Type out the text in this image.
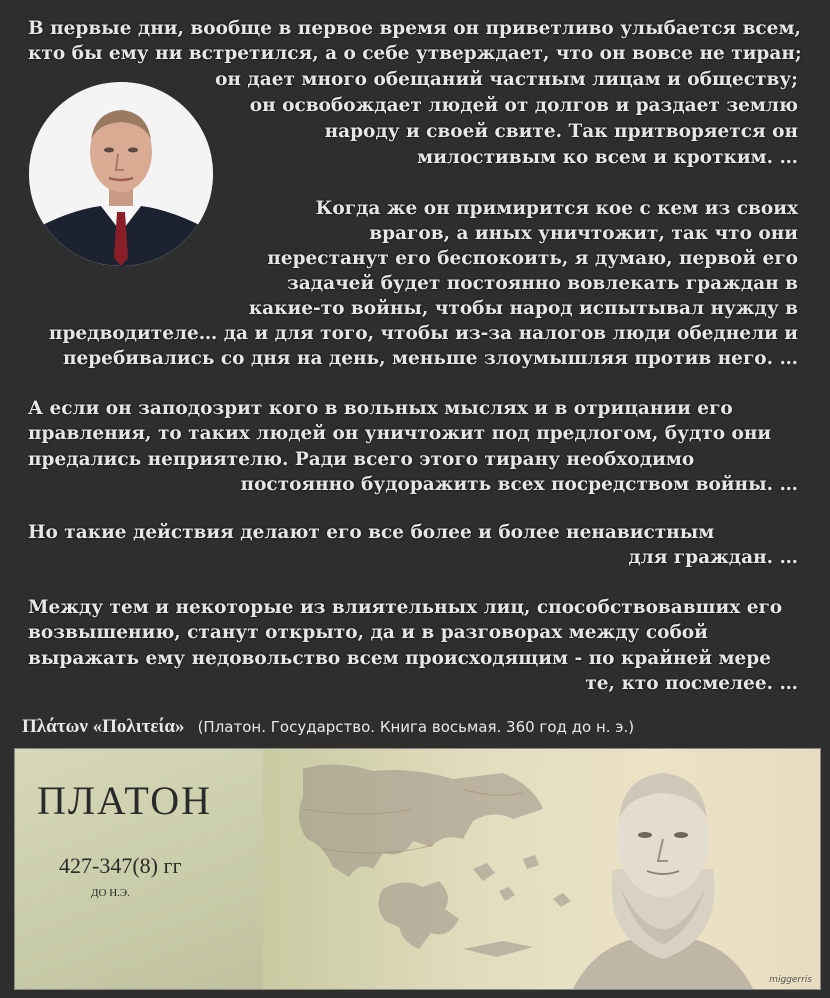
В первые дни, вообще в первое время он приветливо улыбается всем,
кто бы ему ни встретился, а о себе утверждает, что он вовсе не тиран;
он дает много обещаний частным лицам и обществу;
он освобождает людей от долгов и раздает землю
народу и своей свите. Так притворяется он
милостивым ко всем и кротким. …
Когда же он примирится кое с кем из своих
врагов, а иных уничтожит, так что они
перестанут его беспокоить, я думаю, первой его
задачей будет постоянно вовлекать граждан в
какие-то войны, чтобы народ испытывал нужду в
предводителе… да и для того, чтобы из-за налогов люди обеднели и
перебивались со дня на день, меньше злоумышляя против него. …
А если он заподозрит кого в вольных мыслях и в отрицании его
правления, то таких людей он уничтожит под предлогом, будто они
предались неприятелю. Ради всего этого тирану необходимо
постоянно будоражить всех посредством войны. …
Но такие действия делают его все более и более ненавистным
для граждан. …
Между тем и некоторые из влиятельных лиц, способствовавших его
возвышению, станут открыто, да и в разговорах между собой
выражать ему недовольство всем происходящим - по крайней мере
те, кто посмелее. …
Πλάτων «Πολιτεία» (Платон. Государство. Книга восьмая. 360 год до н. э.)
ПЛАТОН
427-347(8) гг
ДО Н.Э.
miggerris
